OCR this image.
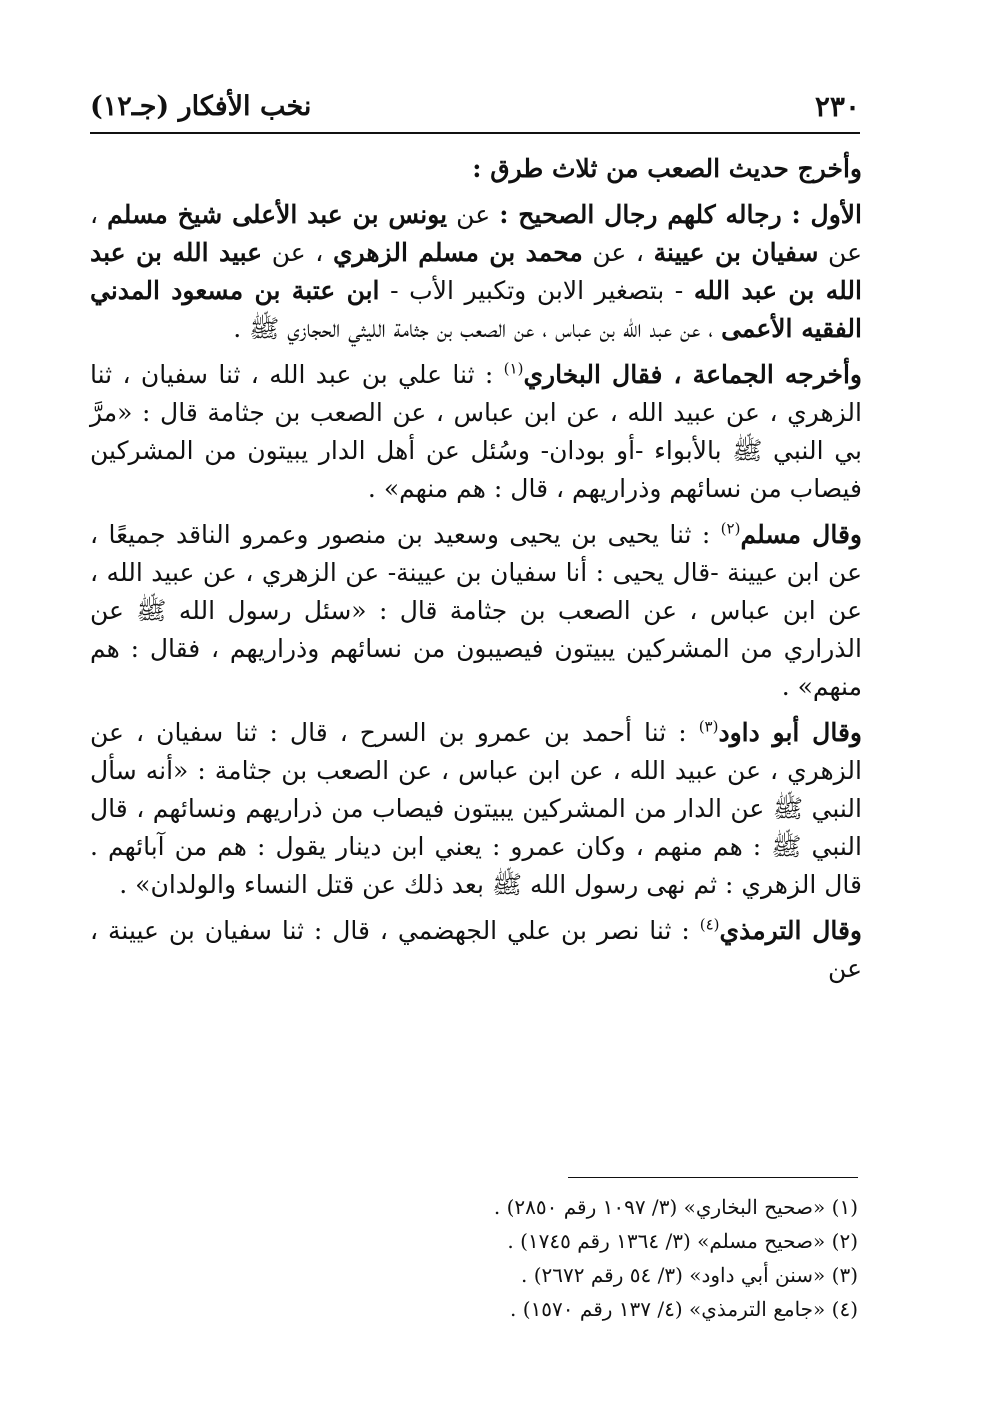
٢٣٠
نخب الأفكار (جـ١٢)

وأخرج حديث الصعب من ثلاث طرق :

الأول : رجاله كلهم رجال الصحيح : عن يونس بن عبد الأعلى شيخ مسلم ، عن سفيان بن عيينة ، عن محمد بن مسلم الزهري ، عن عبيد الله بن عبد الله بن عبد الله - بتصغير الابن وتكبير الأب - ابن عتبة بن مسعود المدني الفقيه الأعمى ، عن عبد الله بن عباس ، عن الصعب بن جثامة الليثي الحجازي ﷺ .

وأخرجه الجماعة ، فقال البخاري$^{(١)}$ : ثنا علي بن عبد الله ، ثنا سفيان ، ثنا الزهري ، عن عبيد الله ، عن ابن عباس ، عن الصعب بن جثامة قال : «مرَّ بي النبي ﷺ بالأبواء -أو بودان- وسُئل عن أهل الدار يبيتون من المشركين فيصاب من نسائهم وذراريهم ، قال : هم منهم» .

وقال مسلم$^{(٢)}$ : ثنا يحيى بن يحيى وسعيد بن منصور وعمرو الناقد جميعًا ، عن ابن عيينة -قال يحيى : أنا سفيان بن عيينة- عن الزهري ، عن عبيد الله ، عن ابن عباس ، عن الصعب بن جثامة قال : «سئل رسول الله ﷺ عن الذراري من المشركين يبيتون فيصيبون من نسائهم وذراريهم ، فقال : هم منهم» .

وقال أبو داود$^{(٣)}$ : ثنا أحمد بن عمرو بن السرح ، قال : ثنا سفيان ، عن الزهري ، عن عبيد الله ، عن ابن عباس ، عن الصعب بن جثامة : «أنه سأل النبي ﷺ عن الدار من المشركين يبيتون فيصاب من ذراريهم ونسائهم ، قال النبي ﷺ : هم منهم ، وكان عمرو : يعني ابن دينار يقول : هم من آبائهم . قال الزهري : ثم نهى رسول الله ﷺ بعد ذلك عن قتل النساء والولدان» .

وقال الترمذي$^{(٤)}$ : ثنا نصر بن علي الجهضمي ، قال : ثنا سفيان بن عيينة ، عن

(١) «صحيح البخاري» (٣/ ١٠٩٧ رقم ٢٨٥٠) .

(٢) «صحيح مسلم» (٣/ ١٣٦٤ رقم ١٧٤٥) .

(٣) «سنن أبي داود» (٣/ ٥٤ رقم ٢٦٧٢) .

(٤) «جامع الترمذي» (٤/ ١٣٧ رقم ١٥٧٠) .
